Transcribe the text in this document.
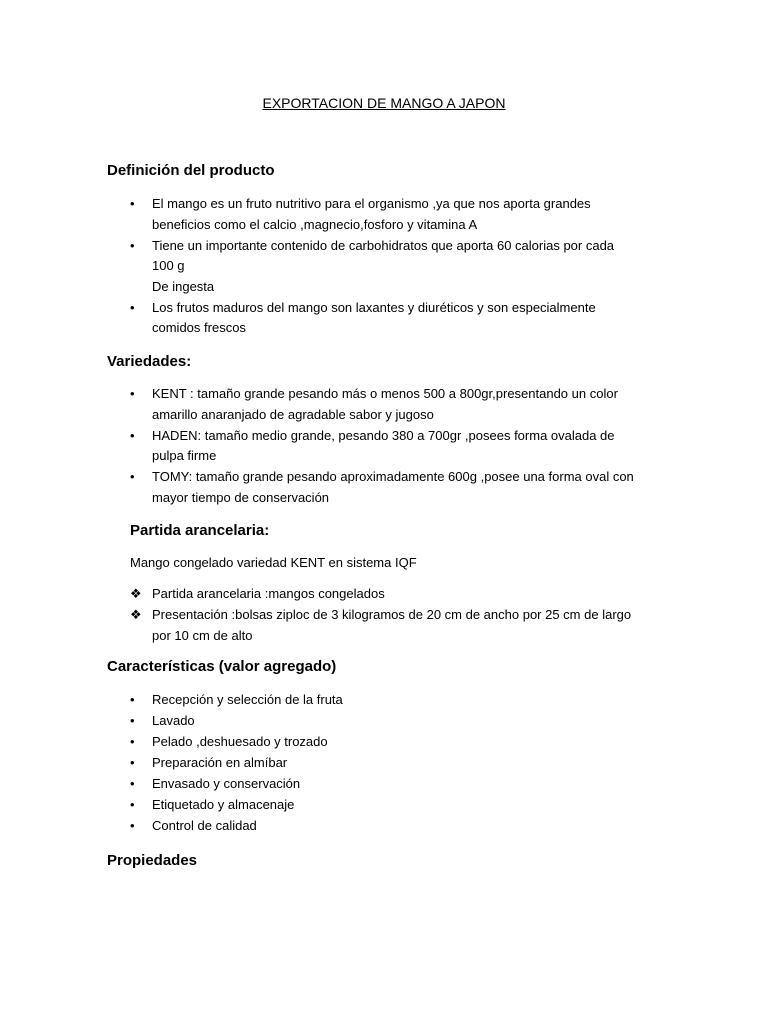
EXPORTACION DE MANGO A JAPON
Definición del producto
•	El mango es un fruto nutritivo para el organismo ,ya que nos aporta grandes
beneficios como el calcio ,magnecio,fosforo y vitamina A
•	Tiene un importante contenido de carbohidratos que aporta 60 calorias por cada
100 g
De ingesta
•	Los frutos maduros del mango son laxantes y diuréticos y son especialmente
comidos frescos
Variedades:
•	KENT : tamaño grande pesando más o menos 500 a 800gr,presentando un color
amarillo anaranjado de agradable sabor y jugoso
•	HADEN: tamaño medio grande, pesando 380 a 700gr ,posees forma ovalada de
pulpa firme
•	TOMY: tamaño grande pesando aproximadamente 600g ,posee una forma oval con
mayor tiempo de conservación
Partida arancelaria:

Mango congelado variedad KENT en sistema IQF

❖ Partida arancelaria :mangos congelados
❖ Presentación :bolsas ziploc de 3 kilogramos de 20 cm de ancho por 25 cm de largo
por 10 cm de alto
Características (valor agregado)
•	Recepción y selección de la fruta
•	Lavado
•	Pelado ,deshuesado y trozado
•	Preparación en almíbar
•	Envasado y conservación
•	Etiquetado y almacenaje
•	Control de calidad
Propiedades
